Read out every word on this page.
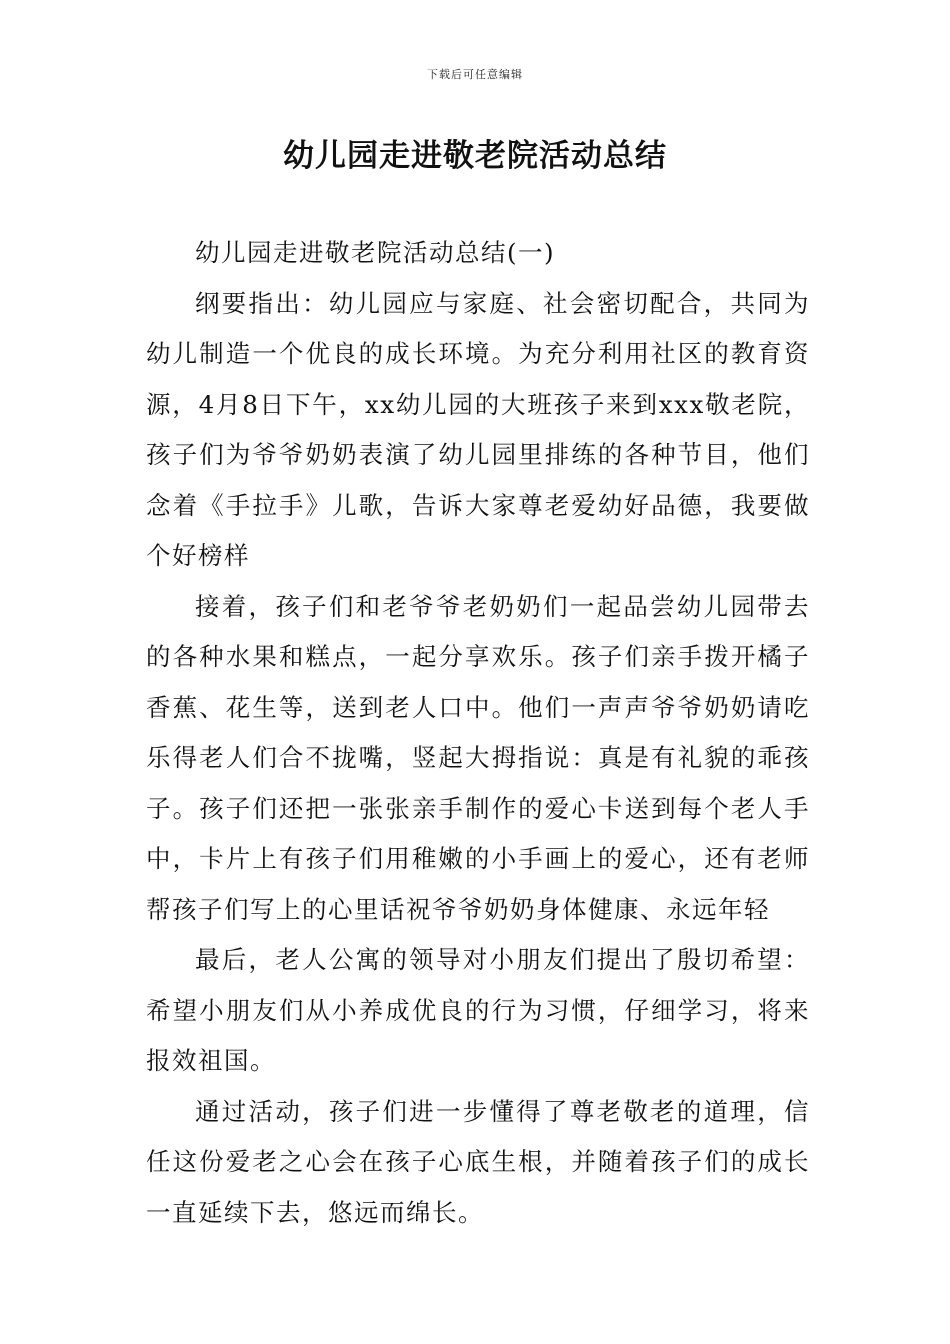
下载后可任意编辑
幼儿园走进敬老院活动总结

幼儿园走进敬老院活动总结(一)

纲要指出：幼儿园应与家庭、社会密切配合，共同为幼儿制造一个优良的成长环境。为充分利用社区的教育资源，4月8日下午，xx幼儿园的大班孩子来到xxx敬老院，孩子们为爷爷奶奶表演了幼儿园里排练的各种节目，他们念着《手拉手》儿歌，告诉大家尊老爱幼好品德，我要做个好榜样

接着，孩子们和老爷爷老奶奶们一起品尝幼儿园带去的各种水果和糕点，一起分享欢乐。孩子们亲手拨开橘子香蕉、花生等，送到老人口中。他们一声声爷爷奶奶请吃乐得老人们合不拢嘴，竖起大拇指说：真是有礼貌的乖孩子。孩子们还把一张张亲手制作的爱心卡送到每个老人手中，卡片上有孩子们用稚嫩的小手画上的爱心，还有老师帮孩子们写上的心里话祝爷爷奶奶身体健康、永远年轻

最后，老人公寓的领导对小朋友们提出了殷切希望：希望小朋友们从小养成优良的行为习惯，仔细学习，将来报效祖国。

通过活动，孩子们进一步懂得了尊老敬老的道理，信任这份爱老之心会在孩子心底生根，并随着孩子们的成长一直延续下去，悠远而绵长。
